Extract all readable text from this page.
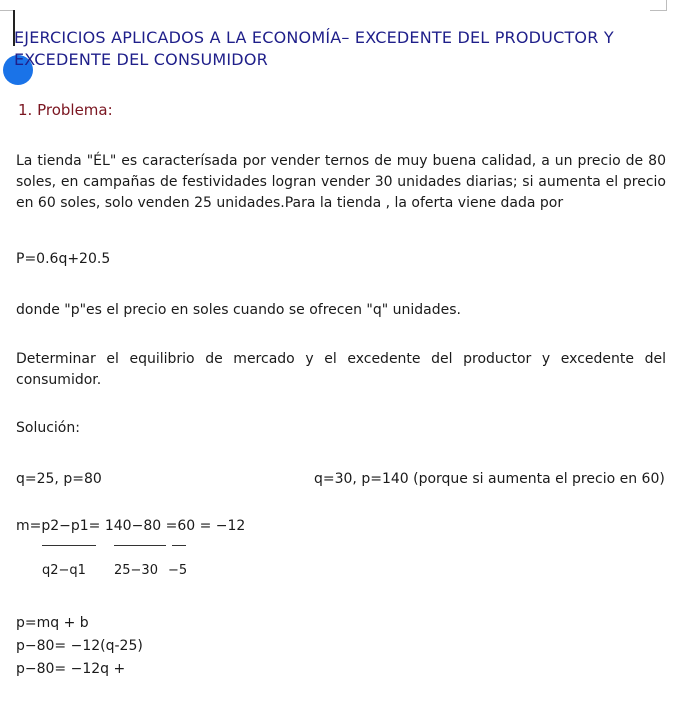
EJERCICIOS APLICADOS A LA ECONOMÍA– EXCEDENTE DEL PRODUCTOR Y EXCEDENTE DEL CONSUMIDOR
1. Problema:
La tienda "ÉL" es caracterísada por vender ternos de muy buena calidad, a un precio de 80 soles, en campañas de festividades logran vender 30 unidades diarias; si aumenta el precio en 60 soles, solo venden 25 unidades.Para la tienda , la oferta viene dada por
P=0.6q+20.5
donde "p"es el precio en soles cuando se ofrecen "q" unidades.
Determinar el equilibrio de mercado y el excedente del productor y excedente del consumidor.
Solución:
q=25, p=80	q=30, p=140 (porque si aumenta el precio en 60)
m=p2−p1= 140−80 =60 = −12
q2−q1 25−30 −5
p=mq + b
p−80= −12(q-25)
p−80= −12q +
